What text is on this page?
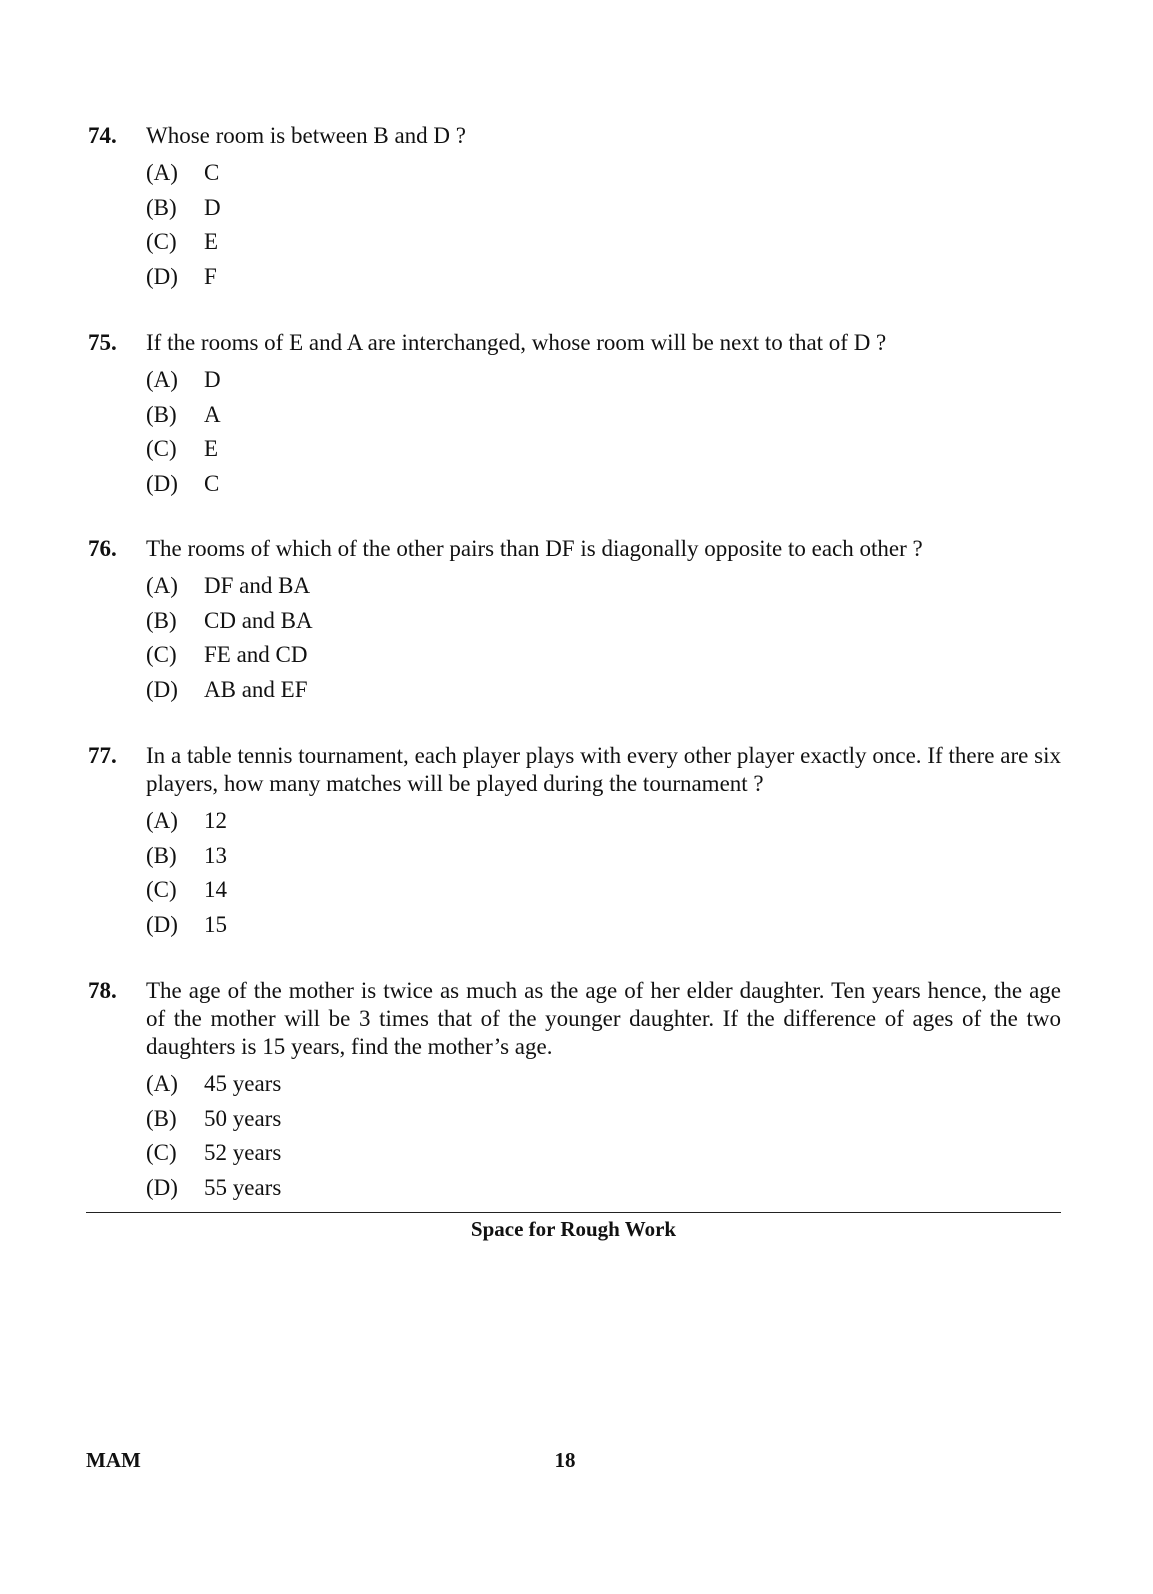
74. Whose room is between B and D ?
(A)	C
(B)	D
(C)	E
(D)	F
75. If the rooms of E and A are interchanged, whose room will be next to that of D ?
(A)	D
(B)	A
(C)	E
(D)	C
76. The rooms of which of the other pairs than DF is diagonally opposite to each other ?
(A)	DF and BA
(B)	CD and BA
(C)	FE and CD
(D)	AB and EF
77. In a table tennis tournament, each player plays with every other player exactly once. If there are six players, how many matches will be played during the tournament ?
(A)	12
(B)	13
(C)	14
(D)	15
78. The age of the mother is twice as much as the age of her elder daughter. Ten years hence, the age of the mother will be 3 times that of the younger daughter. If the difference of ages of the two daughters is 15 years, find the mother’s age.
(A)	45 years
(B)	50 years
(C)	52 years
(D)	55 years
Space for Rough Work
MAM	18
